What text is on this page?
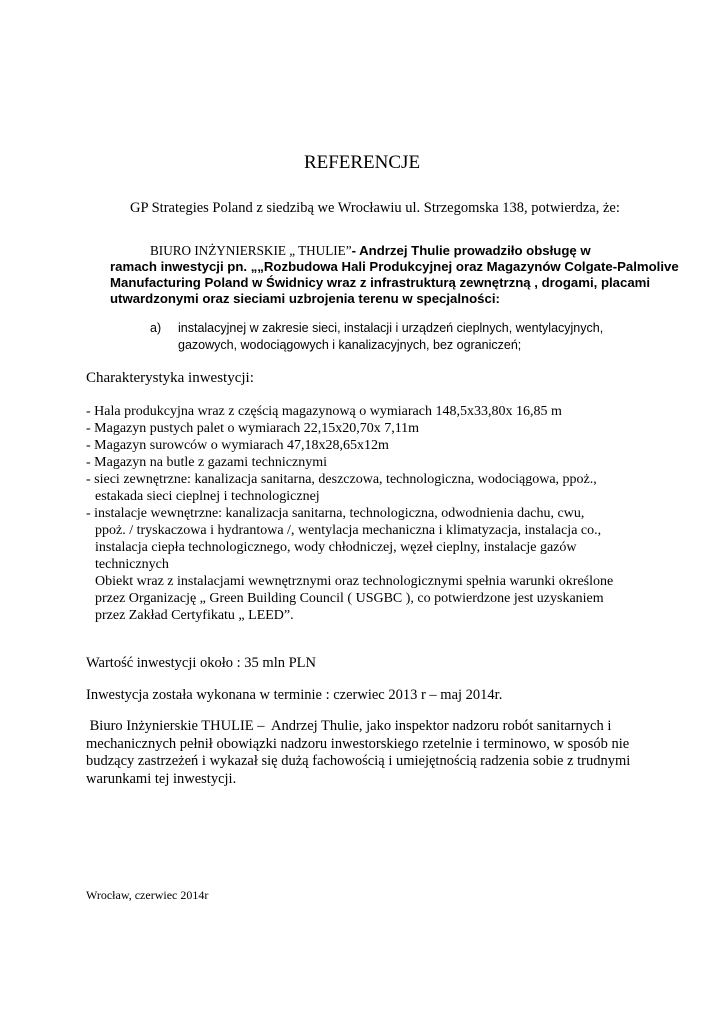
REFERENCJE
GP Strategies Poland z siedzibą we Wrocławiu ul. Strzegomska 138, potwierdza, że:
BIURO INŻYNIERSKIE „ THULIE”- Andrzej Thulie prowadziło obsługę w
ramach inwestycji pn. „„Rozbudowa Hali Produkcyjnej oraz Magazynów Colgate-Palmolive
Manufacturing Poland w Świdnicy wraz z infrastrukturą zewnętrzną , drogami, placami
utwardzonymi oraz sieciami uzbrojenia terenu w specjalności:
a) instalacyjnej w zakresie sieci, instalacji i urządzeń cieplnych, wentylacyjnych,
gazowych, wodociągowych i kanalizacyjnych, bez ograniczeń;
Charakterystyka inwestycji:
- Hala produkcyjna wraz z częścią magazynową o wymiarach 148,5x33,80x 16,85 m
- Magazyn pustych palet o wymiarach 22,15x20,70x 7,11m
- Magazyn surowców o wymiarach 47,18x28,65x12m
- Magazyn na butle z gazami technicznymi
- sieci zewnętrzne: kanalizacja sanitarna, deszczowa, technologiczna, wodociągowa, ppoż.,
estakada sieci cieplnej i technologicznej
- instalacje wewnętrzne: kanalizacja sanitarna, technologiczna, odwodnienia dachu, cwu,
ppoż. / tryskaczowa i hydrantowa /, wentylacja mechaniczna i klimatyzacja, instalacja co.,
instalacja ciepła technologicznego, wody chłodniczej, węzeł cieplny, instalacje gazów
technicznych
Obiekt wraz z instalacjami wewnętrznymi oraz technologicznymi spełnia warunki określone
przez Organizację „ Green Building Council ( USGBC ), co potwierdzone jest uzyskaniem
przez Zakład Certyfikatu „ LEED”.
Wartość inwestycji około : 35 mln PLN
Inwestycja została wykonana w terminie : czerwiec 2013 r – maj 2014r.
Biuro Inżynierskie THULIE –  Andrzej Thulie, jako inspektor nadzoru robót sanitarnych i
mechanicznych pełnił obowiązki nadzoru inwestorskiego rzetelnie i terminowo, w sposób nie
budzący zastrzeżeń i wykazał się dużą fachowością i umiejętnością radzenia sobie z trudnymi
warunkami tej inwestycji.
Wrocław, czerwiec 2014r
